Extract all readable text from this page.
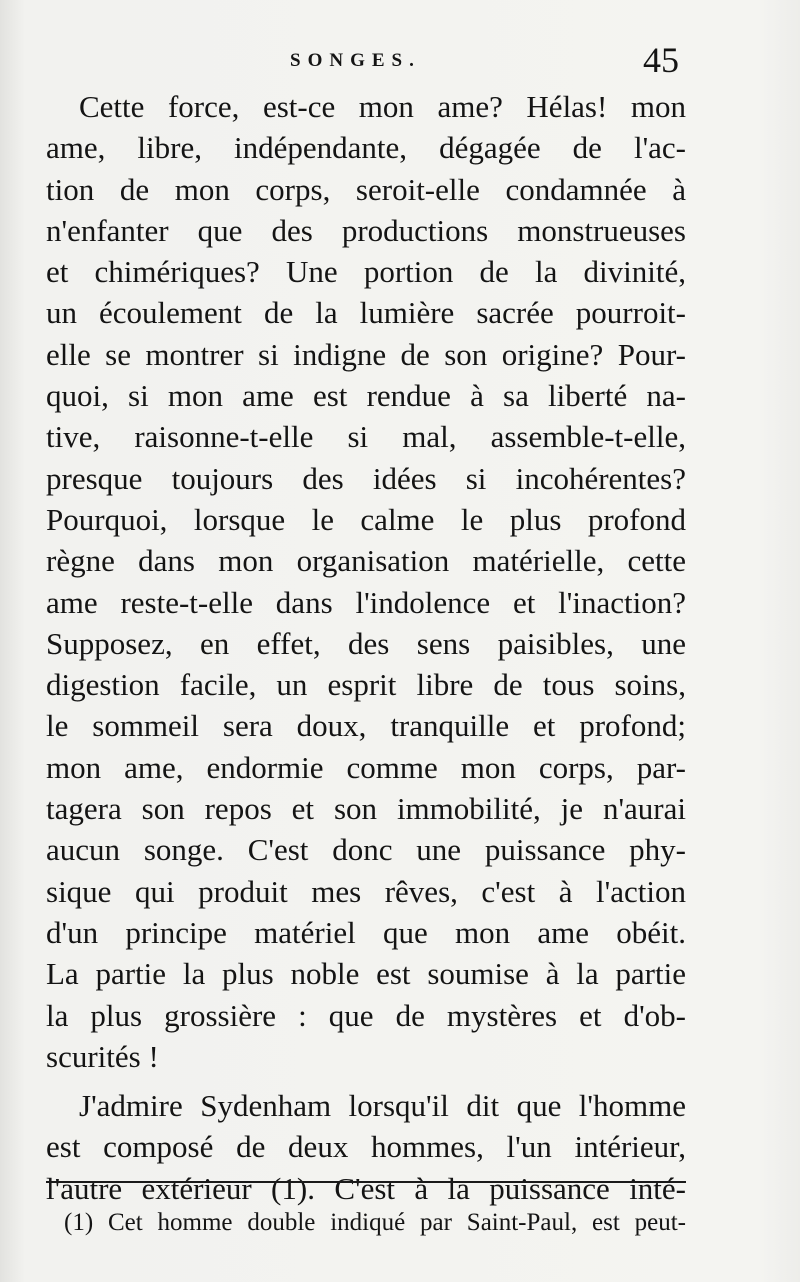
SONGES.	45
Cette force, est-ce mon ame? Hélas! mon
ame, libre, indépendante, dégagée de l'ac-
tion de mon corps, seroit-elle condamnée à
n'enfanter que des productions monstrueuses
et chimériques? Une portion de la divinité,
un écoulement de la lumière sacrée pourroit-
elle se montrer si indigne de son origine? Pour-
quoi, si mon ame est rendue à sa liberté na-
tive, raisonne-t-elle si mal, assemble-t-elle,
presque toujours des idées si incohérentes?
Pourquoi, lorsque le calme le plus profond
règne dans mon organisation matérielle, cette
ame reste-t-elle dans l'indolence et l'inaction?
Supposez, en effet, des sens paisibles, une
digestion facile, un esprit libre de tous soins,
le sommeil sera doux, tranquille et profond;
mon ame, endormie comme mon corps, par-
tagera son repos et son immobilité, je n'aurai
aucun songe. C'est donc une puissance phy-
sique qui produit mes rêves, c'est à l'action
d'un principe matériel que mon ame obéit.
La partie la plus noble est soumise à la partie
la plus grossière : que de mystères et d'ob-
scurités !
J'admire Sydenham lorsqu'il dit que l'homme
est composé de deux hommes, l'un intérieur,
l'autre extérieur (1). C'est à la puissance inté-
(1) Cet homme double indiqué par Saint-Paul, est peut-
